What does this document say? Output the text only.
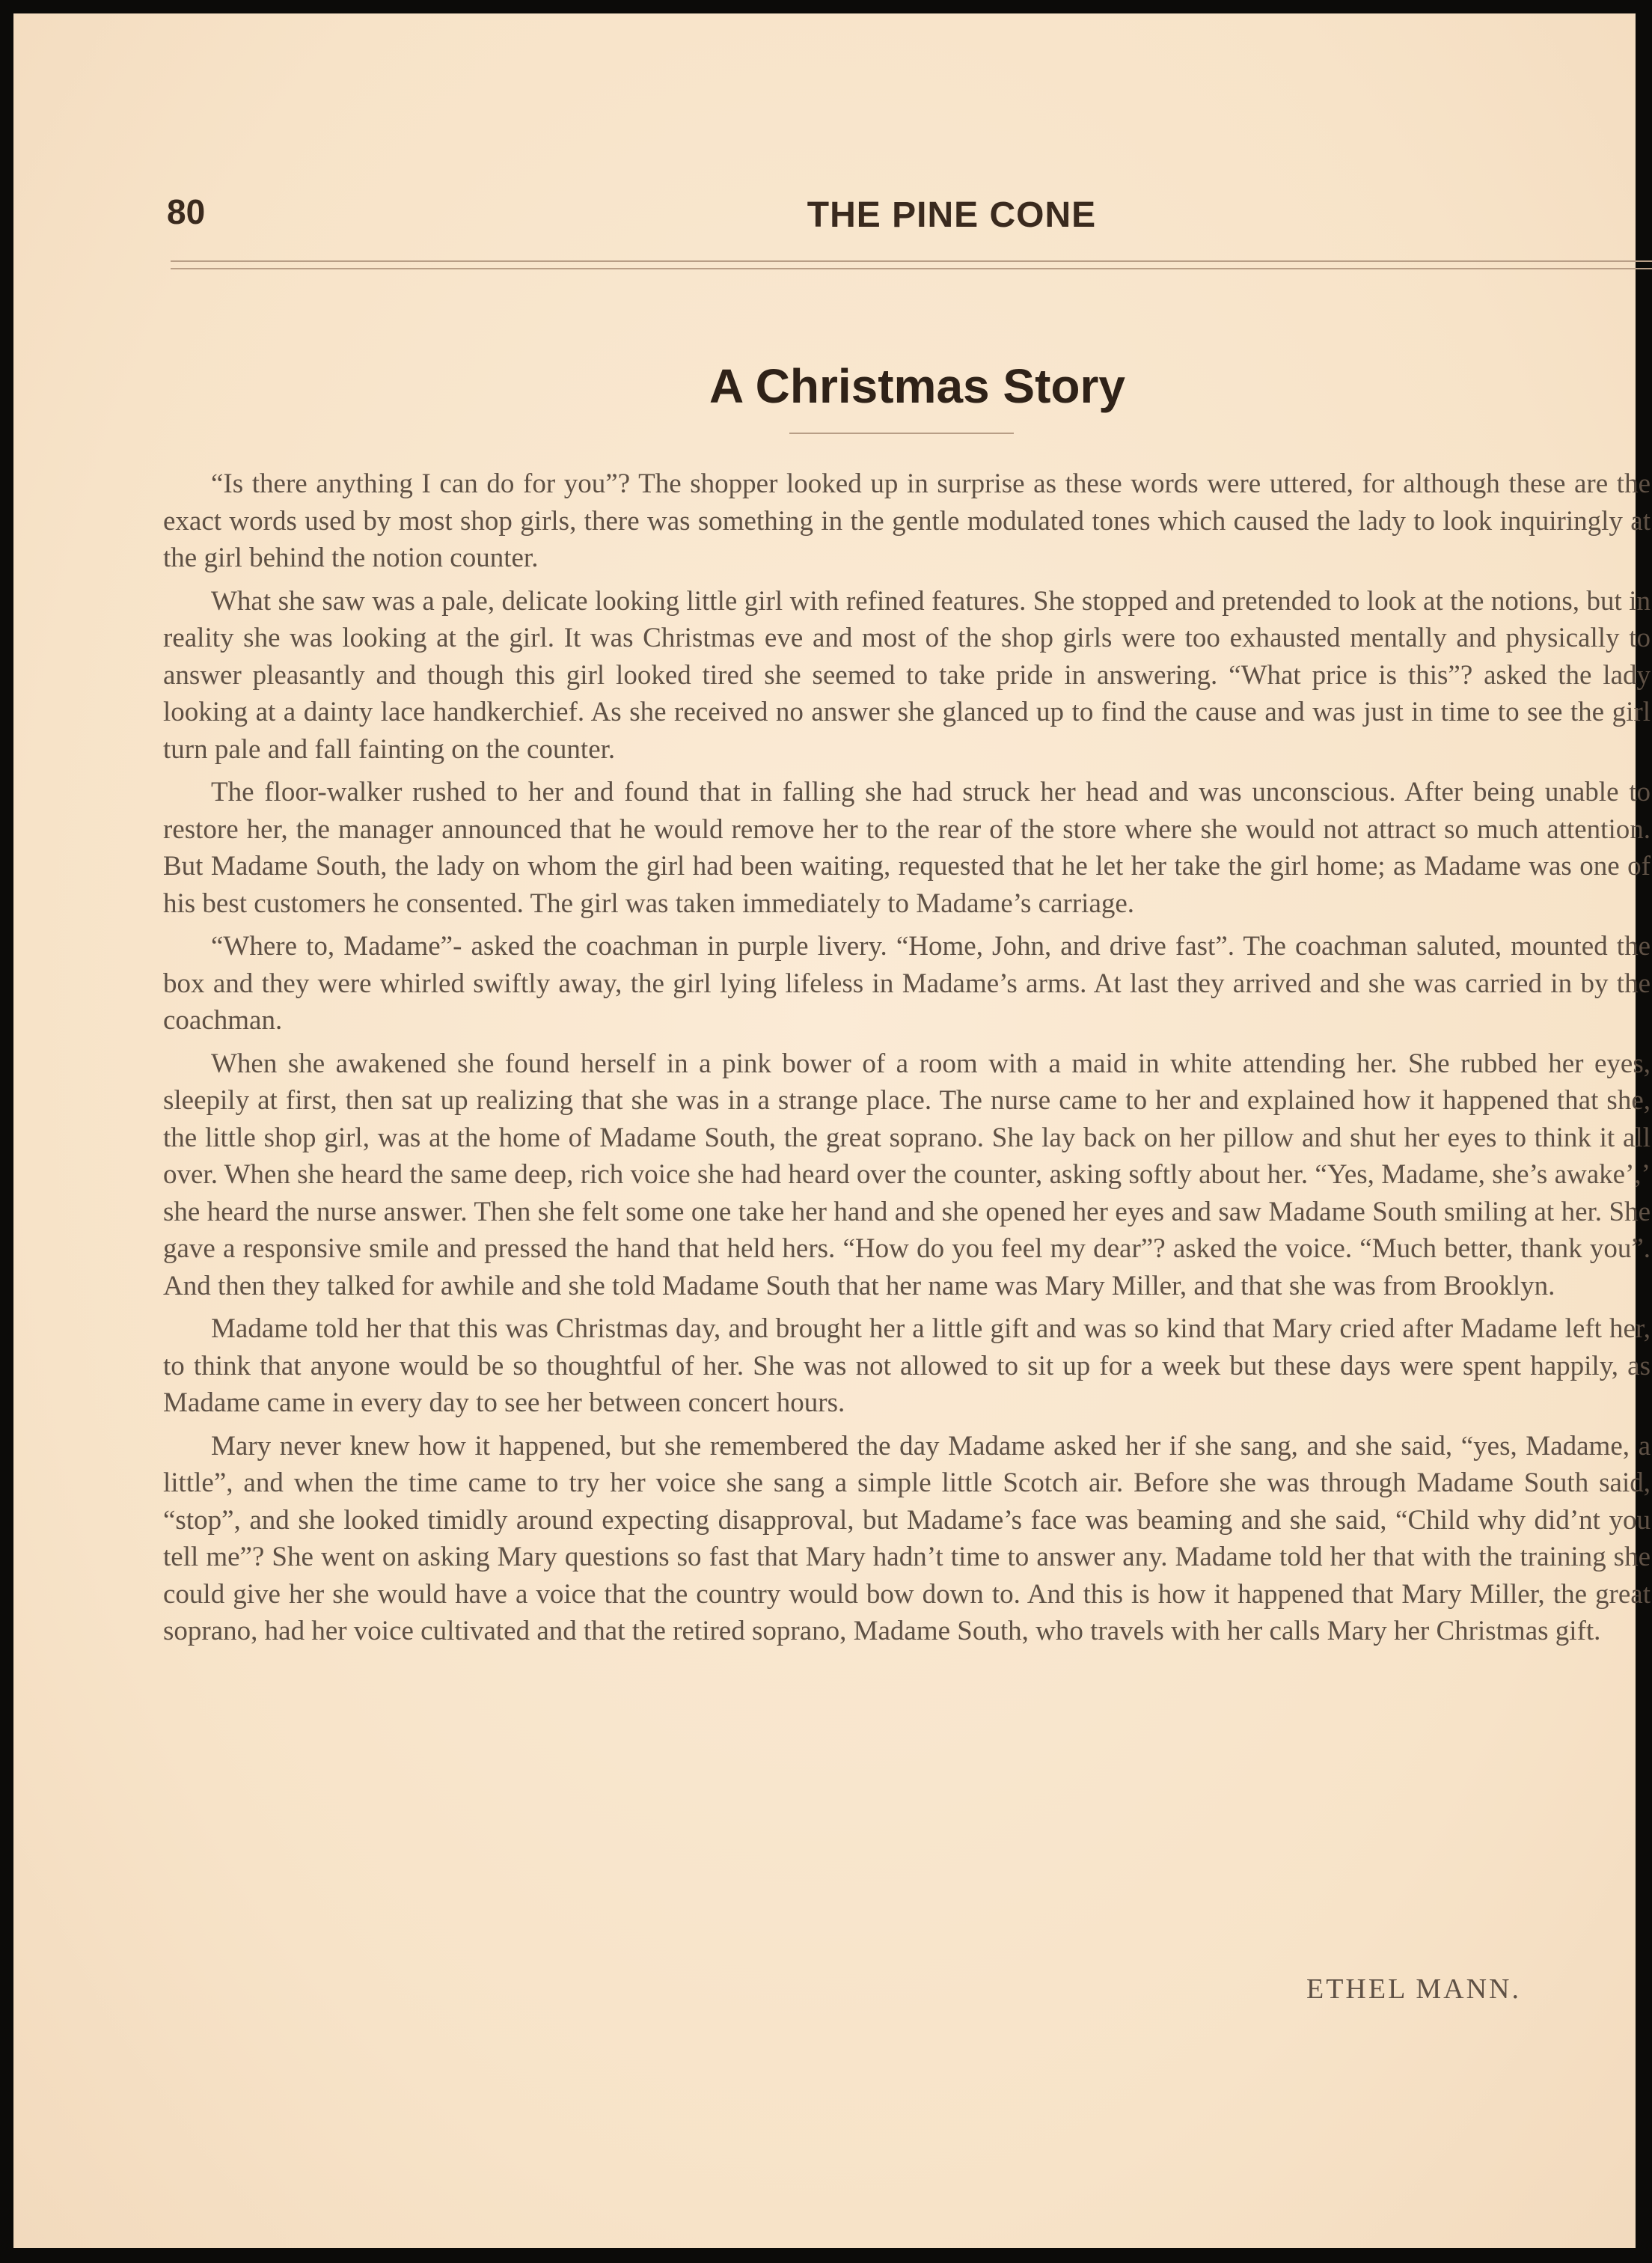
80	THE PINE CONE
A Christmas Story

“Is there anything I can do for you”? The shopper looked up in surprise as these words were uttered, for although these are the exact words used by most shop girls, there was something in the gentle modulated tones which caused the lady to look inquiringly at the girl behind the notion counter.

What she saw was a pale, delicate looking little girl with refined features. She stopped and pretended to look at the notions, but in reality she was looking at the girl. It was Christmas eve and most of the shop girls were too exhausted mentally and physically to answer pleasantly and though this girl looked tired she seemed to take pride in answering. “What price is this”? asked the lady looking at a dainty lace handkerchief. As she received no answer she glanced up to find the cause and was just in time to see the girl turn pale and fall fainting on the counter.

The floor-walker rushed to her and found that in falling she had struck her head and was unconscious. After being unable to restore her, the manager announced that he would remove her to the rear of the store where she would not attract so much attention. But Madame South, the lady on whom the girl had been waiting, requested that he let her take the girl home; as Madame was one of his best customers he consented. The girl was taken immediately to Madame’s carriage.

“Where to, Madame”- asked the coachman in purple livery. “Home, John, and drive fast”. The coachman saluted, mounted the box and they were whirled swiftly away, the girl lying lifeless in Madame’s arms. At last they arrived and she was carried in by the coachman.

When she awakened she found herself in a pink bower of a room with a maid in white attending her. She rubbed her eyes, sleepily at first, then sat up realizing that she was in a strange place. The nurse came to her and explained how it happened that she, the little shop girl, was at the home of Madame South, the great soprano. She lay back on her pillow and shut her eyes to think it all over. When she heard the same deep, rich voice she had heard over the counter, asking softly about her. “Yes, Madame, she’s awake’,’ she heard the nurse answer. Then she felt some one take her hand and she opened her eyes and saw Madame South smiling at her. She gave a responsive smile and pressed the hand that held hers. “How do you feel my dear”? asked the voice. “Much better, thank you”. And then they talked for awhile and she told Madame South that her name was Mary Miller, and that she was from Brooklyn.

Madame told her that this was Christmas day, and brought her a little gift and was so kind that Mary cried after Madame left her, to think that anyone would be so thoughtful of her. She was not allowed to sit up for a week but these days were spent happily, as Madame came in every day to see her between concert hours.

Mary never knew how it happened, but she remembered the day Madame asked her if she sang, and she said, “yes, Madame, a little”, and when the time came to try her voice she sang a simple little Scotch air. Before she was through Madame South said, “stop”, and she looked timidly around expecting disapproval, but Madame’s face was beaming and she said, “Child why did’nt you tell me”? She went on asking Mary questions so fast that Mary hadn’t time to answer any. Madame told her that with the training she could give her she would have a voice that the country would bow down to. And this is how it happened that Mary Miller, the great soprano, had her voice cultivated and that the retired soprano, Madame South, who travels with her calls Mary her Christmas gift.

ETHEL MANN.
